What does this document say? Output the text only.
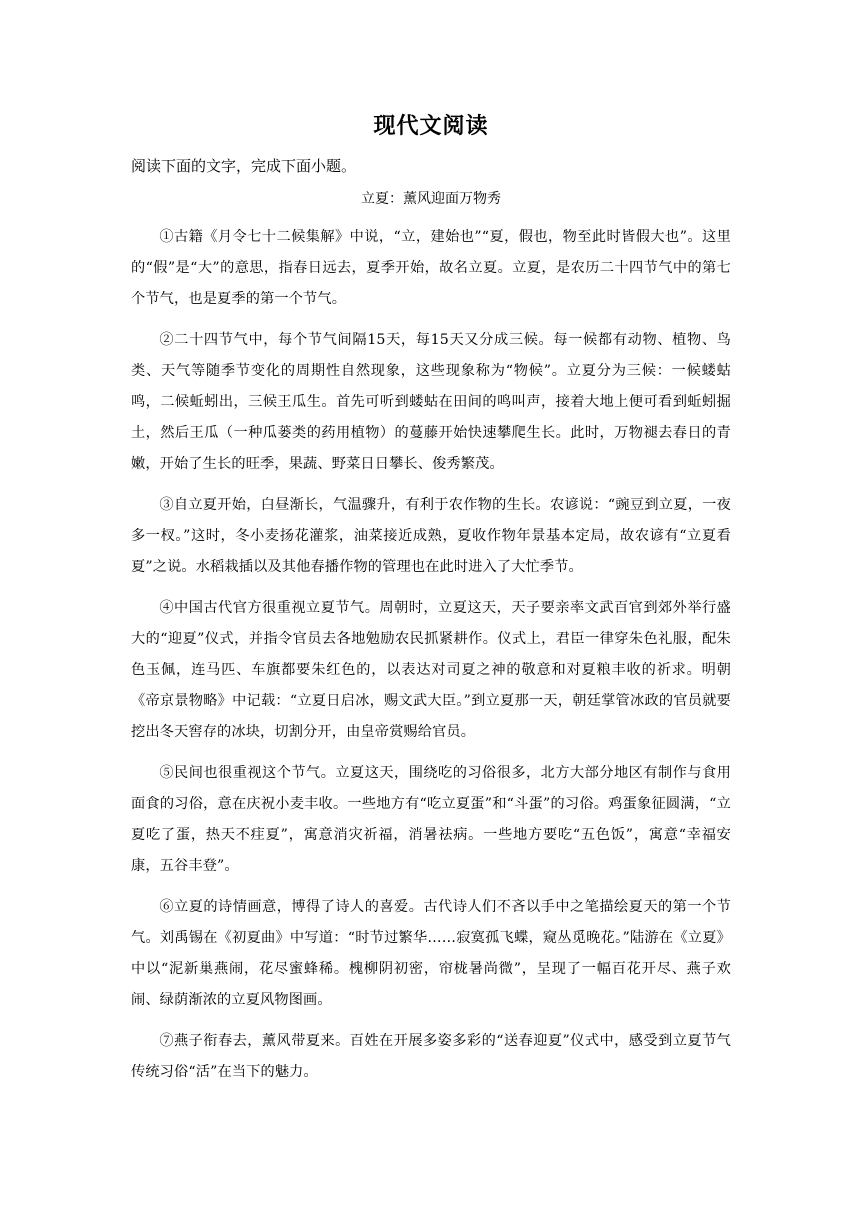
现代文阅读
阅读下面的文字，完成下面小题。
立夏：薰风迎面万物秀

①古籍《月令七十二候集解》中说，“立，建始也”“夏，假也，物至此时皆假大也”。这里的“假”是“大”的意思，指春日远去，夏季开始，故名立夏。立夏，是农历二十四节气中的第七个节气，也是夏季的第一个节气。

②二十四节气中，每个节气间隔15天，每15天又分成三候。每一候都有动物、植物、鸟类、天气等随季节变化的周期性自然现象，这些现象称为“物候”。立夏分为三候：一候蝼蛄鸣，二候蚯蚓出，三候王瓜生。首先可听到蝼蛄在田间的鸣叫声，接着大地上便可看到蚯蚓掘土，然后王瓜（一种瓜蒌类的药用植物）的蔓藤开始快速攀爬生长。此时，万物褪去春日的青嫩，开始了生长的旺季，果蔬、野菜日日攀长、俊秀繁茂。

③自立夏开始，白昼渐长，气温骤升，有利于农作物的生长。农谚说：“豌豆到立夏，一夜多一杈。”这时，冬小麦扬花灌浆，油菜接近成熟，夏收作物年景基本定局，故农谚有“立夏看夏”之说。水稻栽插以及其他春播作物的管理也在此时进入了大忙季节。

④中国古代官方很重视立夏节气。周朝时，立夏这天，天子要亲率文武百官到郊外举行盛大的“迎夏”仪式，并指令官员去各地勉励农民抓紧耕作。仪式上，君臣一律穿朱色礼服，配朱色玉佩，连马匹、车旗都要朱红色的，以表达对司夏之神的敬意和对夏粮丰收的祈求。明朝《帝京景物略》中记载：“立夏日启冰，赐文武大臣。”到立夏那一天，朝廷掌管冰政的官员就要挖出冬天窖存的冰块，切割分开，由皇帝赏赐给官员。

⑤民间也很重视这个节气。立夏这天，围绕吃的习俗很多，北方大部分地区有制作与食用面食的习俗，意在庆祝小麦丰收。一些地方有“吃立夏蛋”和“斗蛋”的习俗。鸡蛋象征圆满，“立夏吃了蛋，热天不疰夏”，寓意消灾祈福，消暑祛病。一些地方要吃“五色饭”，寓意“幸福安康，五谷丰登”。

⑥立夏的诗情画意，博得了诗人的喜爱。古代诗人们不吝以手中之笔描绘夏天的第一个节气。刘禹锡在《初夏曲》中写道：“时节过繁华……寂寞孤飞蝶，窥丛觅晚花。”陆游在《立夏》中以“泥新巢燕闹，花尽蜜蜂稀。槐柳阴初密，帘栊暑尚微”，呈现了一幅百花开尽、燕子欢闹、绿荫渐浓的立夏风物图画。

⑦燕子衔春去，薰风带夏来。百姓在开展多姿多彩的“送春迎夏”仪式中，感受到立夏节气传统习俗“活”在当下的魅力。
